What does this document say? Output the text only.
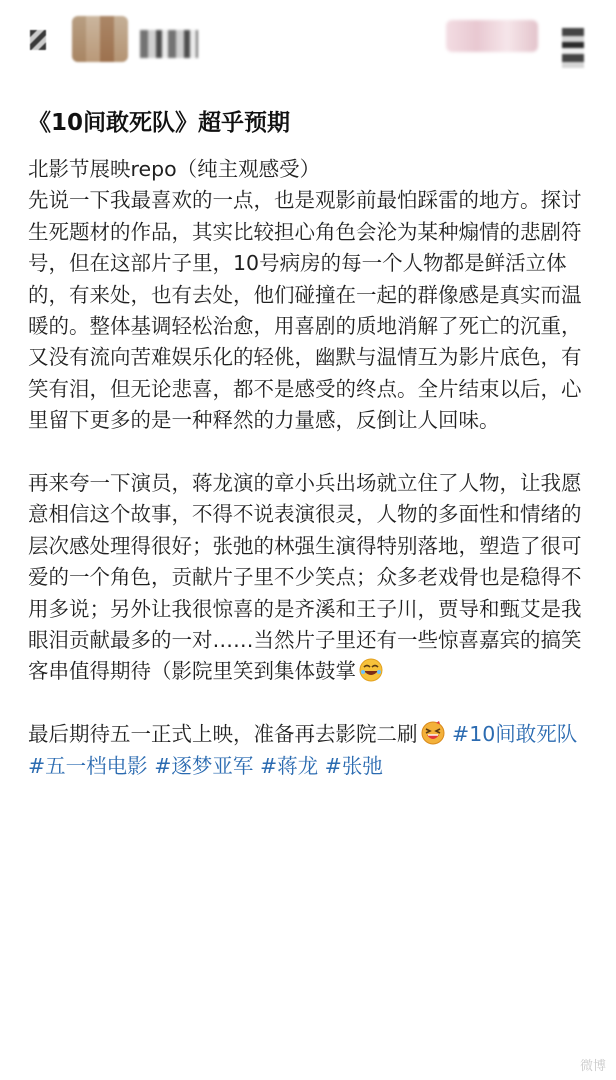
《10间敢死队》超乎预期

北影节展映repo（纯主观感受）

先说一下我最喜欢的一点，也是观影前最怕踩雷的地方。探讨生死题材的作品，其实比较担心角色会沦为某种煽情的悲剧符号，但在这部片子里，10号病房的每一个人物都是鲜活立体的，有来处，也有去处，他们碰撞在一起的群像感是真实而温暖的。整体基调轻松治愈，用喜剧的质地消解了死亡的沉重，又没有流向苦难娱乐化的轻佻，幽默与温情互为影片底色，有笑有泪，但无论悲喜，都不是感受的终点。全片结束以后，心里留下更多的是一种释然的力量感，反倒让人回味。

再来夸一下演员，蒋龙演的章小兵出场就立住了人物，让我愿意相信这个故事，不得不说表演很灵，人物的多面性和情绪的层次感处理得很好；张弛的林强生演得特别落地，塑造了很可爱的一个角色，贡献片子里不少笑点；众多老戏骨也是稳得不用多说；另外让我很惊喜的是齐溪和王子川，贾导和甄艾是我眼泪贡献最多的一对……当然片子里还有一些惊喜嘉宾的搞笑客串值得期待（影院里笑到集体鼓掌

最后期待五一正式上映，准备再去影院二刷 #10间敢死队 #五一档电影 #逐梦亚军 #蒋龙 #张弛

微博
